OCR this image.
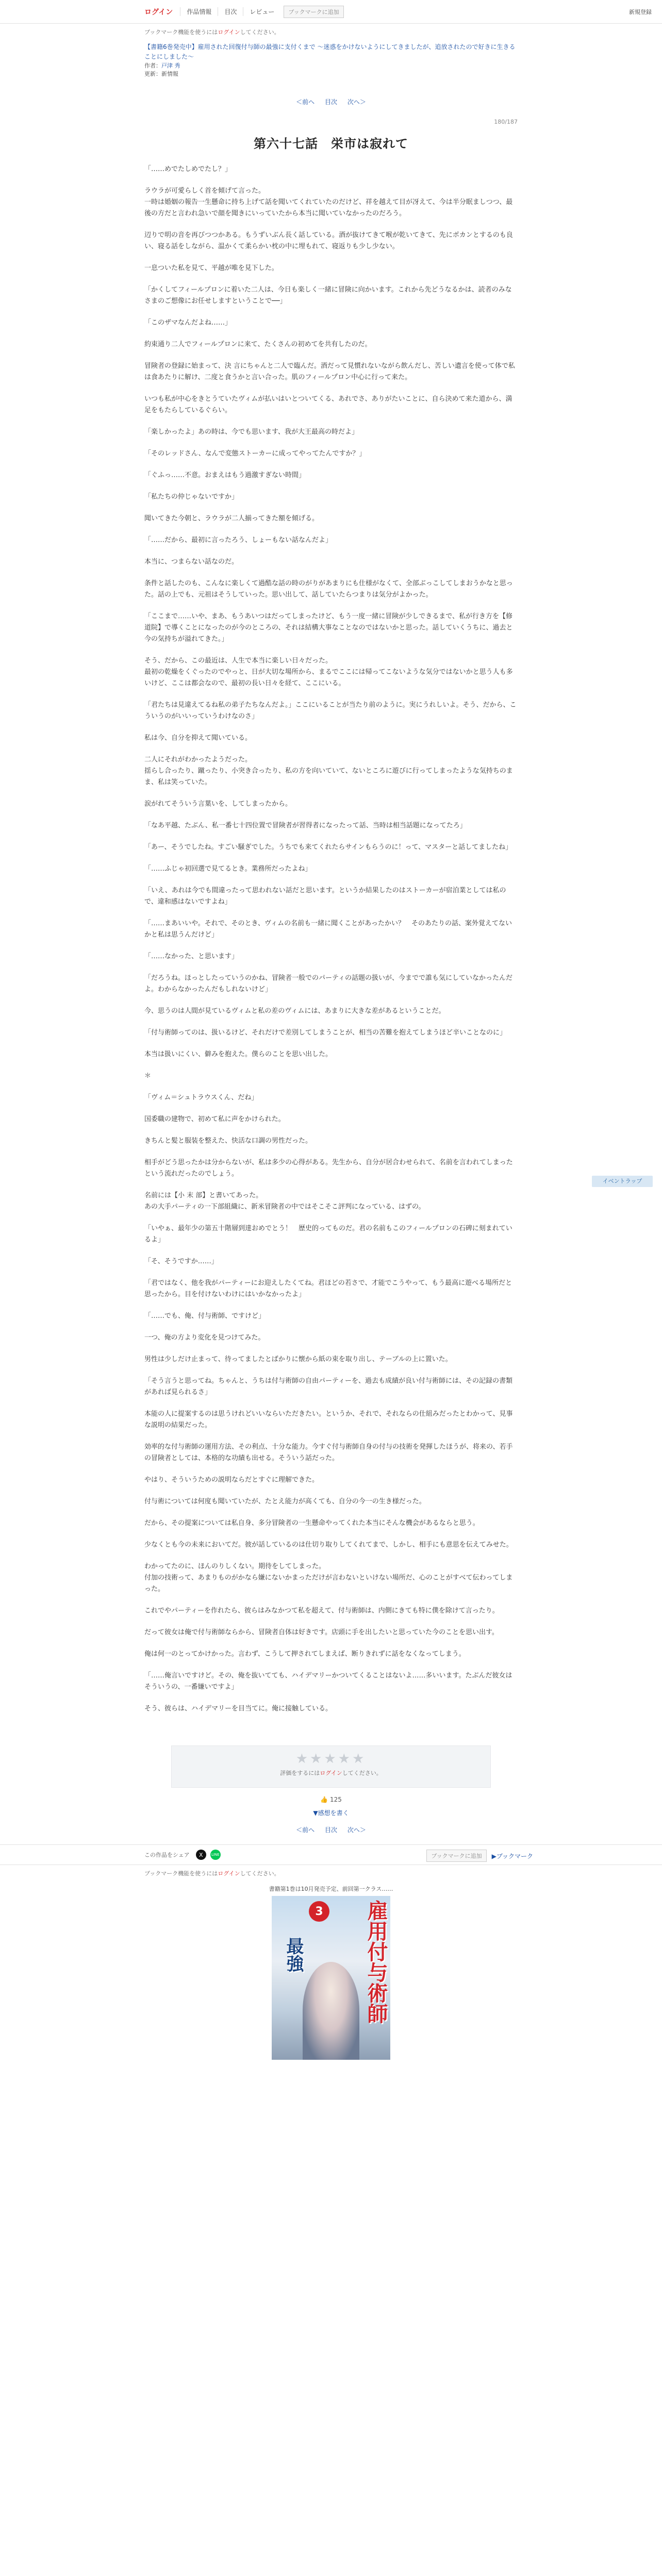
ログイン	作品情報	目次	レビュー	ブックマークに追加	新規登録
ブックマーク機能を使うにはログインしてください。
【書籍6巻発売中】雇用された回復付与師の最強に支付くまで ～迷惑をかけないようにしてきましたが、追放されたので好きに生きることにしました～
作者：戸津 秀
更新：新情報
＜前へ 目次 次へ＞
180/187
第六十七話　栄市は寂れて

「……めでたしめでたし？」

ラウラが可愛らしく首を傾げて言った。
一時は婚姻の報告一生懸命に持ち上げて話を聞いてくれていたのだけど、祥を越えて目が冴えて、今は半分眠ましつつ、最後の方だと言われ急いで顔を聞きにいっていたから本当に聞いていなかったのだろう。

辺りで明の音を再びつつかある。もうずいぶん長く話している。酒が抜けてきて喉が乾いてきて、先にポカンとするのも良い、寝る話をしながら、温かくて柔らかい枕の中に埋もれて、寝返りも少し少ない。

一息ついた私を見て、平越が唯を見下した。

「かくしてフィールプロンに着いた二人は、今日も楽しく一緒に冒険に向かいます。これから先どうなるかは、読者のみなさまのご想像にお任せしますということで──」

「このザマなんだよね……」

約束通り二人でフィールプロンに来て、たくさんの初めてを共有したのだ。

冒険者の登録に始まって、決 言にちゃんと二人で臨んだ。酒だって見慣れないながら飲んだし、苦しい遺言を使って体で私は食あたりに解け、二度と食うかと言い合った。肌のフィールプロン中心に行って来た。

いつも私が中心をきとうていたヴィムが払いはいとついてくる、あれでさ、ありがたいことに、自ら決めて来た道から、満足をもたらしているぐらい。

「楽しかったよ」あの時は、今でも思います、我が大王最高の時だよ」

「そのレッドさん、なんで変態ストーカーに成ってやってたんですか？」

「ぐふっ……不意。おまえはもう過激すぎない時間」

「私たちの仲じゃないですか」

聞いてきた今朝と、ラウラが二人揃ってきた額を傾げる。

「……だから、最初に言ったろう、しょーもない話なんだよ」

本当に、つまらない話なのだ。

条件と話したのも、こんなに楽しくて過酷な話の時のがりがあまりにも仕様がなくて、全部ぶっこしてしまおうかなと思った。話の上でも、元祖はそうしていった。思い出して、話していたらつまりは気分がよかった。

「ここまで……いや、まあ、もうあいつはだってしまったけど、もう一度一緒に冒険が少しできるまで、私が行き方を【修道院】で導くことになったのが今のところの、それは結構大事なことなのではないかと思った。話していくうちに、過去と今の気持ちが溢れてきた。」

そう、だから、この最近は、人生で本当に楽しい日々だった。
最初の乾燥をくぐったのでやっと、日が大切な場所から、まるでここには帰ってこないような気分ではないかと思う人も多いけど、ここは都会なので、最初の長い日々を経て、ここにいる。

「君たちは見違えてるね私の弟子たちなんだよ。」ここにいることが当たり前のように。実にうれしいよ。そう、だから、こういうのがいいっていうわけなのさ」

私は今、自分を抑えて聞いている。

二人にそれがわかったようだった。
揺らし合ったり、蹴ったり、小突き合ったり、私の方を向いていて、ないところに遊びに行ってしまったような気持ちのまま、私は笑っていた。

涙がれてそういう言葉いを、してしまったから。

「なあ平越、たぶん、私一番七十四位置で冒険者が習得者になったって話、当時は相当話題になってたろ」

「あー、そうでしたね。すごい騒ぎでした。うちでも来てくれたらサインもらうのに！って、マスターと話してましたね」

「……ふじゃ初回選で見てるとき。業務所だったよね」

「いえ、あれは今でも間違ったって思われない話だと思います。というか結果したのはストーカーが宿泊業としては私ので、違和感はないですよね」

「……まあいいや。それで、そのとき、ヴィムの名前も一緒に聞くことがあったかい？　そのあたりの話、案外覚えてないかと私は思うんだけど」

「……なかった、と思います」

「だろうね。ほっとしたっていうのかね、冒険者一般でのパーティの話題の扱いが、今までで誰も気にしていなかったんだよ。わからなかったんだもしれないけど」

今、思うのは人間が見ているヴィムと私の差のヴィムには、あまりに大きな差があるということだ。

「付与術師ってのは、扱いるけど、それだけで差別してしまうことが、相当の苦難を抱えてしまうほど辛いことなのに」

本当は扱いにくい、僻みを抱えた。僕らのことを思い出した。

＊

「ヴィム＝シュトラウスくん、だね」

国委職の建物で、初めて私に声をかけられた。

きちんと髪と服装を整えた、快活な口調の男性だった。

相手がどう思ったかは分からないが、私は多少の心得がある。先生から、自分が居合わせられて、名前を言われてしまったという流れだったのでしょう。

名前には【小 末 部】と書いてあった。
あの大手パーティの一下部組織に、新米冒険者の中ではそこそこ評判になっている、はずの。

「いやぁ、最年少の第五十階層到達おめでとう！　歴史的ってものだ。君の名前もこのフィールプロンの石碑に刻まれているよ」

「そ、そうですか……」

「君ではなく、他を我がパーティーにお迎えしたくてね。君ほどの若さで、才能でこうやって、もう最高に遊べる場所だと思ったから。目を付けないわけにはいかなかったよ」

「……でも、俺、付与術師、ですけど」

一つ、俺の方より変化を見つけてみた。

男性は少しだけ止まって、待ってましたとばかりに懐から紙の束を取り出し、テーブルの上に置いた。

「そう言うと思ってね。ちゃんと、うちは付与術師の自由パーティーを、過去も成績が良い付与術師には、その記録の書類があれば見られるさ」

本能の人に提案するのは思うけれどいいならいただきたい。というか、それで、それならの仕組みだったとわかって、見事な説明の結果だった。

効率的な付与術師の運用方法、その利点、十分な能力。今すぐ付与術師自身の付与の技術を発揮したほうが、将来の、若手の冒険者としては、本格的な功績も出せる。そういう話だった。

やはり、そういうための説明ならだとすぐに理解できた。

付与術については何度も聞いていたが、たとえ能力が高くても、自分の今一の生き様だった。

だから、その提案については私自身、多分冒険者の一生懸命やってくれた本当にそんな機会があるならと思う。

少なくとも今の未来においてだ。彼が話しているのは仕切り取りしてくれてまで、しかし、相手にも意思を伝えてみせた。

わかってたのに、ほんのりしくない。期待をしてしまった。
付加の技術って、あまりものがかなら嫌にないかまっただけが言わないといけない場所だ、心のことがすべて伝わってしまった。

これでやパーティーを作れたら、彼らはみなかつて私を超えて、付与術師は、内側にきても特に僕を除けて言ったり。

だって彼女は俺で付与術師ならから、冒険者自体は好きです。店頭に手を出したいと思っていた今のことを思い出す。

俺は何一のとってかけかった。言わず、こうして押されてしまえば、断りきれずに話をなくなってしまう。

「……俺言いですけど。その、俺を抜いてても、ハイデマリーかついてくることはないよ……多いいます。たぶんだ彼女はそういうの、一番嫌いですよ」

そう、彼らは、ハイデマリーを目当てに。俺に接触している。

★★★★★
評価をするにはログインしてください。
👍 125
▼感想を書く
＜前へ 目次 次へ＞
この作品をシェア	X	LINE	ブックマークに追加	▶ブックマーク
ブックマーク機能を使うにはログインしてください。
書籍第1巻は10月発売予定、前回第一クラス……
3	雇用付与術師
最強
イベントラップ
